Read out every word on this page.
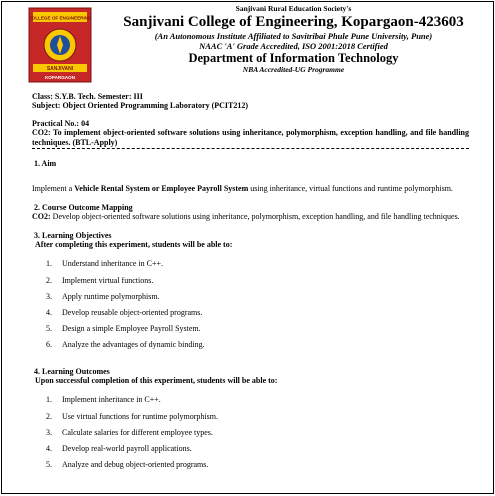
COLLEGE OF ENGINEERING
SANJIVANI
KOPARGAON
Sanjivani Rural Education Society's
Sanjivani College of Engineering, Kopargaon-423603
(An Autonomous Institute Affiliated to Savitribai Phule Pune University, Pune)
NAAC 'A' Grade Accredited, ISO 2001:2018 Certified
Department of Information Technology
NBA Accredited-UG Programme
Class: S.Y.B. Tech. Semester: III
Subject: Object Oriented Programming Laboratory (PCIT212)
Practical No.: 04
CO2: To implement object-oriented software solutions using inheritance, polymorphism, exception handling, and file handling techniques. (BTL-Apply)
1. Aim
Implement a Vehicle Rental System or Employee Payroll System using inheritance, virtual functions and runtime polymorphism.
2. Course Outcome Mapping
CO2: Develop object-oriented software solutions using inheritance, polymorphism, exception handling, and file handling techniques.
3. Learning Objectives
After completing this experiment, students will be able to:
1.	Understand inheritance in C++.
2.	Implement virtual functions.
3.	Apply runtime polymorphism.
4.	Develop reusable object-oriented programs.
5.	Design a simple Employee Payroll System.
6.	Analyze the advantages of dynamic binding.
4. Learning Outcomes
Upon successful completion of this experiment, students will be able to:
1.	Implement inheritance in C++.
2.	Use virtual functions for runtime polymorphism.
3.	Calculate salaries for different employee types.
4.	Develop real-world payroll applications.
5.	Analyze and debug object-oriented programs.
